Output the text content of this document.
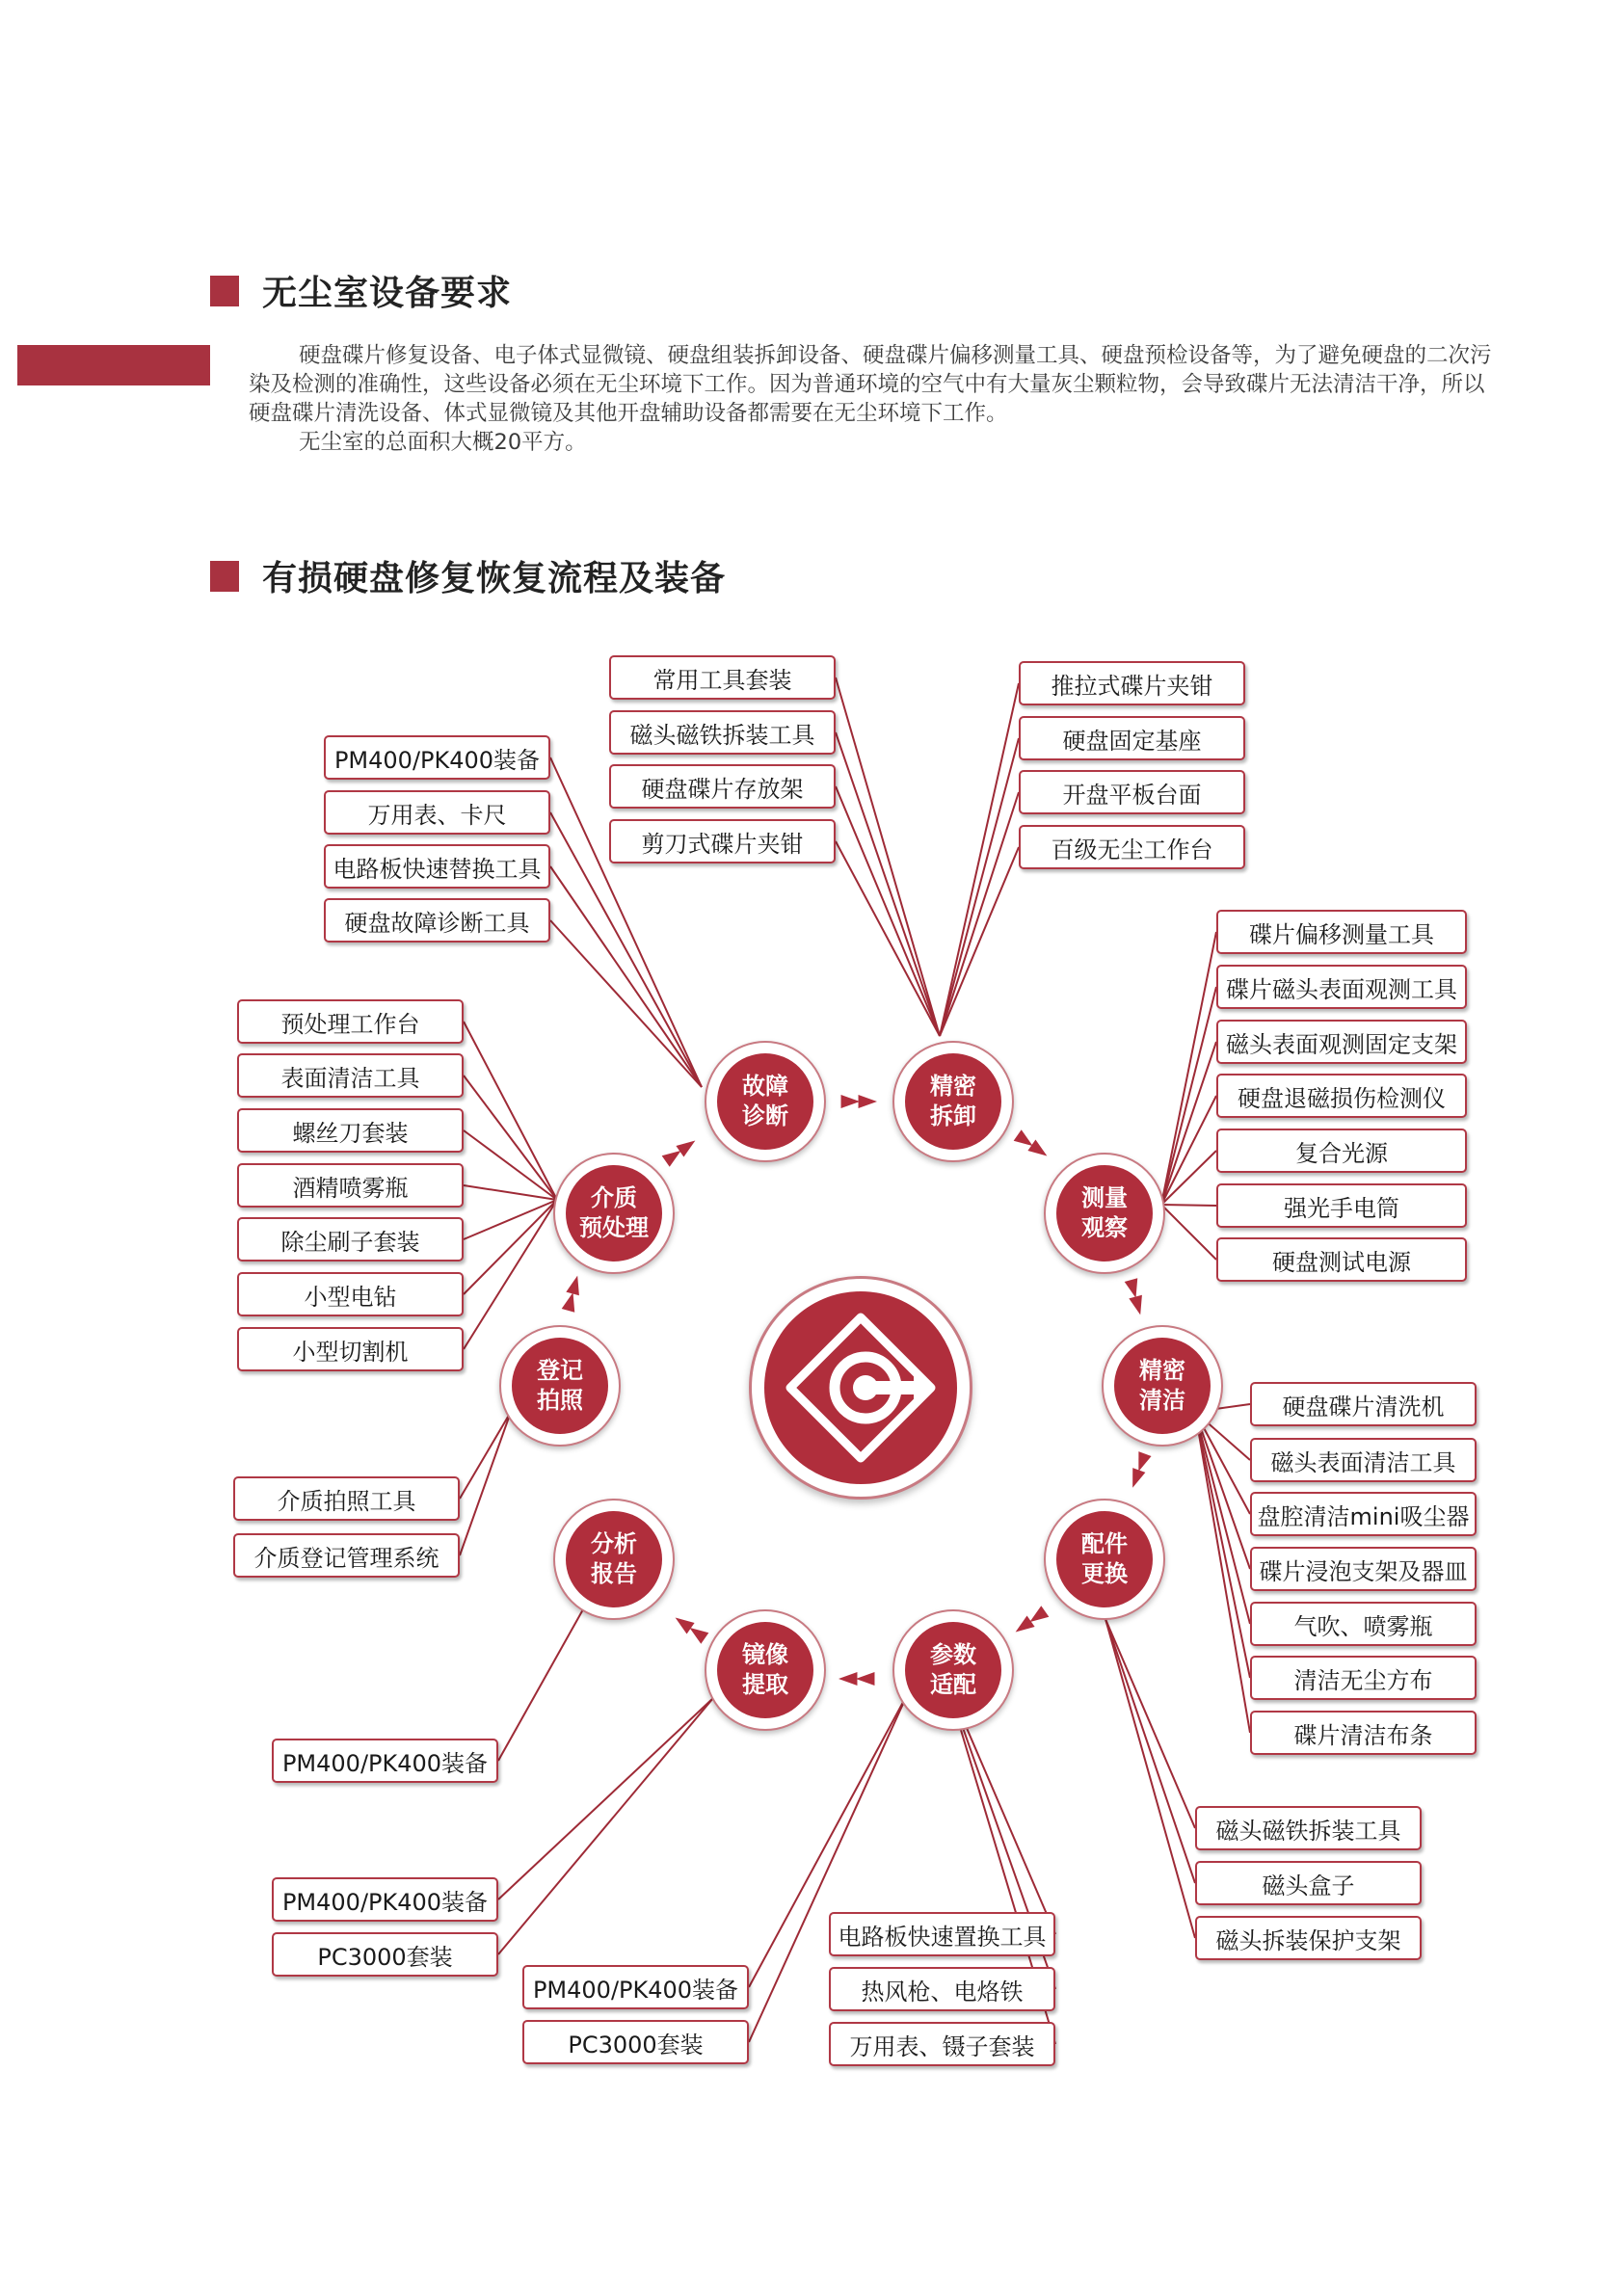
无尘室设备要求

硬盘碟片修复设备、电子体式显微镜、硬盘组装拆卸设备、硬盘碟片偏移测量工具、硬盘预检设备等，为了避免硬盘的二次污染及检测的准确性，这些设备必须在无尘环境下工作。因为普通环境的空气中有大量灰尘颗粒物，会导致碟片无法清洁干净，所以硬盘碟片清洗设备、体式显微镜及其他开盘辅助设备都需要在无尘环境下工作。

无尘室的总面积大概20平方。

有损硬盘修复恢复流程及装备
登记
拍照
介质
预处理
故障
诊断
精密
拆卸
测量
观察
精密
清洁
配件
更换
参数
适配
镜像
提取
分析
报告
PM400/PK400装备
万用表、卡尺
电路板快速替换工具
硬盘故障诊断工具
常用工具套装
磁头磁铁拆装工具
硬盘碟片存放架
剪刀式碟片夹钳
推拉式碟片夹钳
硬盘固定基座
开盘平板台面
百级无尘工作台
碟片偏移测量工具
碟片磁头表面观测工具
磁头表面观测固定支架
硬盘退磁损伤检测仪
复合光源
强光手电筒
硬盘测试电源
预处理工作台
表面清洁工具
螺丝刀套装
酒精喷雾瓶
除尘刷子套装
小型电钻
小型切割机
介质拍照工具
介质登记管理系统
硬盘碟片清洗机
磁头表面清洁工具
盘腔清洁mini吸尘器
碟片浸泡支架及器皿
气吹、喷雾瓶
清洁无尘方布
碟片清洁布条
磁头磁铁拆装工具
磁头盒子
磁头拆装保护支架
电路板快速置换工具
热风枪、电烙铁
万用表、镊子套装
PM400/PK400装备
PC3000套装
PM400/PK400装备
PC3000套装
PM400/PK400装备
